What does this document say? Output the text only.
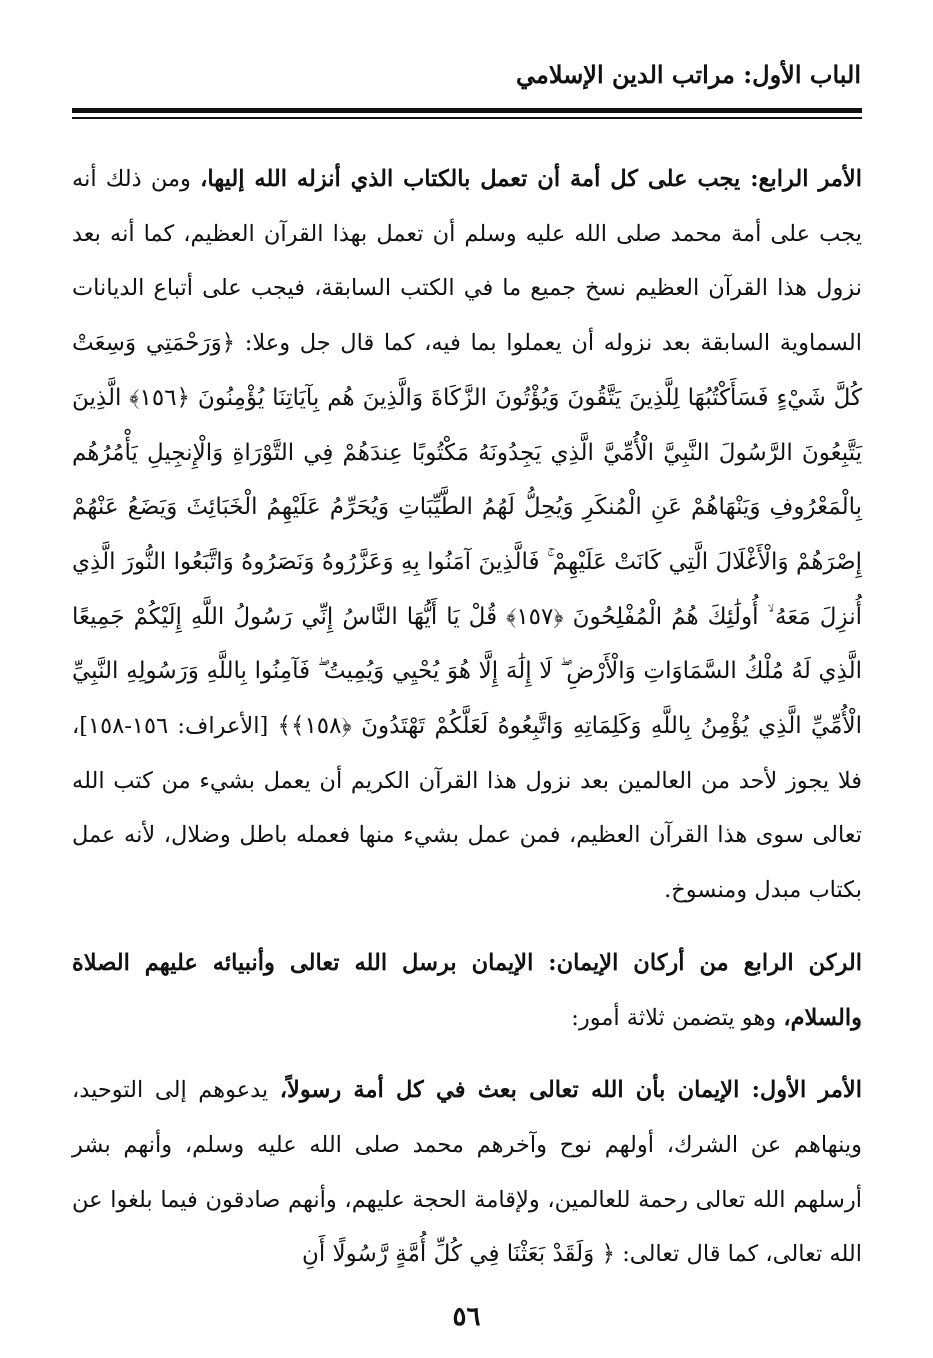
الباب الأول: مراتب الدين الإسلامي

الأمر الرابع: يجب على كل أمة أن تعمل بالكتاب الذي أنزله الله إليها، ومن ذلك أنه يجب على أمة محمد صلى الله عليه وسلم أن تعمل بهذا القرآن العظيم، كما أنه بعد نزول هذا القرآن العظيم نسخ جميع ما في الكتب السابقة، فيجب على أتباع الديانات السماوية السابقة بعد نزوله أن يعملوا بما فيه، كما قال جل وعلا: ﴿وَرَحْمَتِي وَسِعَتْ كُلَّ شَيْءٍ فَسَأَكْتُبُهَا لِلَّذِينَ يَتَّقُونَ وَيُؤْتُونَ الزَّكَاةَ وَالَّذِينَ هُم بِآيَاتِنَا يُؤْمِنُونَ ﴿١٥٦﴾ الَّذِينَ يَتَّبِعُونَ الرَّسُولَ النَّبِيَّ الْأُمِّيَّ الَّذِي يَجِدُونَهُ مَكْتُوبًا عِندَهُمْ فِي التَّوْرَاةِ وَالْإِنجِيلِ يَأْمُرُهُم بِالْمَعْرُوفِ وَيَنْهَاهُمْ عَنِ الْمُنكَرِ وَيُحِلُّ لَهُمُ الطَّيِّبَاتِ وَيُحَرِّمُ عَلَيْهِمُ الْخَبَائِثَ وَيَضَعُ عَنْهُمْ إِصْرَهُمْ وَالْأَغْلَالَ الَّتِي كَانَتْ عَلَيْهِمْ ۚ فَالَّذِينَ آمَنُوا بِهِ وَعَزَّرُوهُ وَنَصَرُوهُ وَاتَّبَعُوا النُّورَ الَّذِي أُنزِلَ مَعَهُ ۙ أُولَٰئِكَ هُمُ الْمُفْلِحُونَ ﴿١٥٧﴾ قُلْ يَا أَيُّهَا النَّاسُ إِنِّي رَسُولُ اللَّهِ إِلَيْكُمْ جَمِيعًا الَّذِي لَهُ مُلْكُ السَّمَاوَاتِ وَالْأَرْضِ ۖ لَا إِلَٰهَ إِلَّا هُوَ يُحْيِي وَيُمِيتُ ۖ فَآمِنُوا بِاللَّهِ وَرَسُولِهِ النَّبِيِّ الْأُمِّيِّ الَّذِي يُؤْمِنُ بِاللَّهِ وَكَلِمَاتِهِ وَاتَّبِعُوهُ لَعَلَّكُمْ تَهْتَدُونَ ﴿١٥٨﴾﴾ [الأعراف: ١٥٦-١٥٨]، فلا يجوز لأحد من العالمين بعد نزول هذا القرآن الكريم أن يعمل بشيء من كتب الله تعالى سوى هذا القرآن العظيم، فمن عمل بشيء منها فعمله باطل وضلال، لأنه عمل بكتاب مبدل ومنسوخ.

الركن الرابع من أركان الإيمان: الإيمان برسل الله تعالى وأنبيائه عليهم الصلاة والسلام، وهو يتضمن ثلاثة أمور:

الأمر الأول: الإيمان بأن الله تعالى بعث في كل أمة رسولاً، يدعوهم إلى التوحيد، وينهاهم عن الشرك، أولهم نوح وآخرهم محمد صلى الله عليه وسلم، وأنهم بشر أرسلهم الله تعالى رحمة للعالمين، ولإقامة الحجة عليهم، وأنهم صادقون فيما بلغوا عن الله تعالى، كما قال تعالى: ﴿ وَلَقَدْ بَعَثْنَا فِي كُلِّ أُمَّةٍ رَّسُولًا أَنِ

٥٦
